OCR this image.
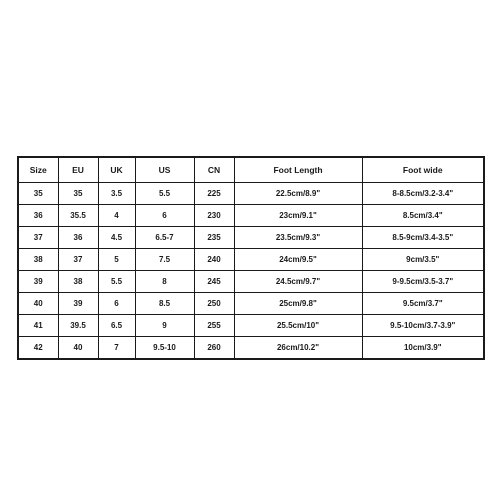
Size	EU	UK	US	CN	Foot Length	Foot wide
35	35	3.5	5.5	225	22.5cm/8.9"	8-8.5cm/3.2-3.4"
36	35.5	4	6	230	23cm/9.1"	8.5cm/3.4"
37	36	4.5	6.5-7	235	23.5cm/9.3"	8.5-9cm/3.4-3.5"
38	37	5	7.5	240	24cm/9.5"	9cm/3.5"
39	38	5.5	8	245	24.5cm/9.7"	9-9.5cm/3.5-3.7"
40	39	6	8.5	250	25cm/9.8"	9.5cm/3.7"
41	39.5	6.5	9	255	25.5cm/10"	9.5-10cm/3.7-3.9"
42	40	7	9.5-10	260	26cm/10.2"	10cm/3.9"
